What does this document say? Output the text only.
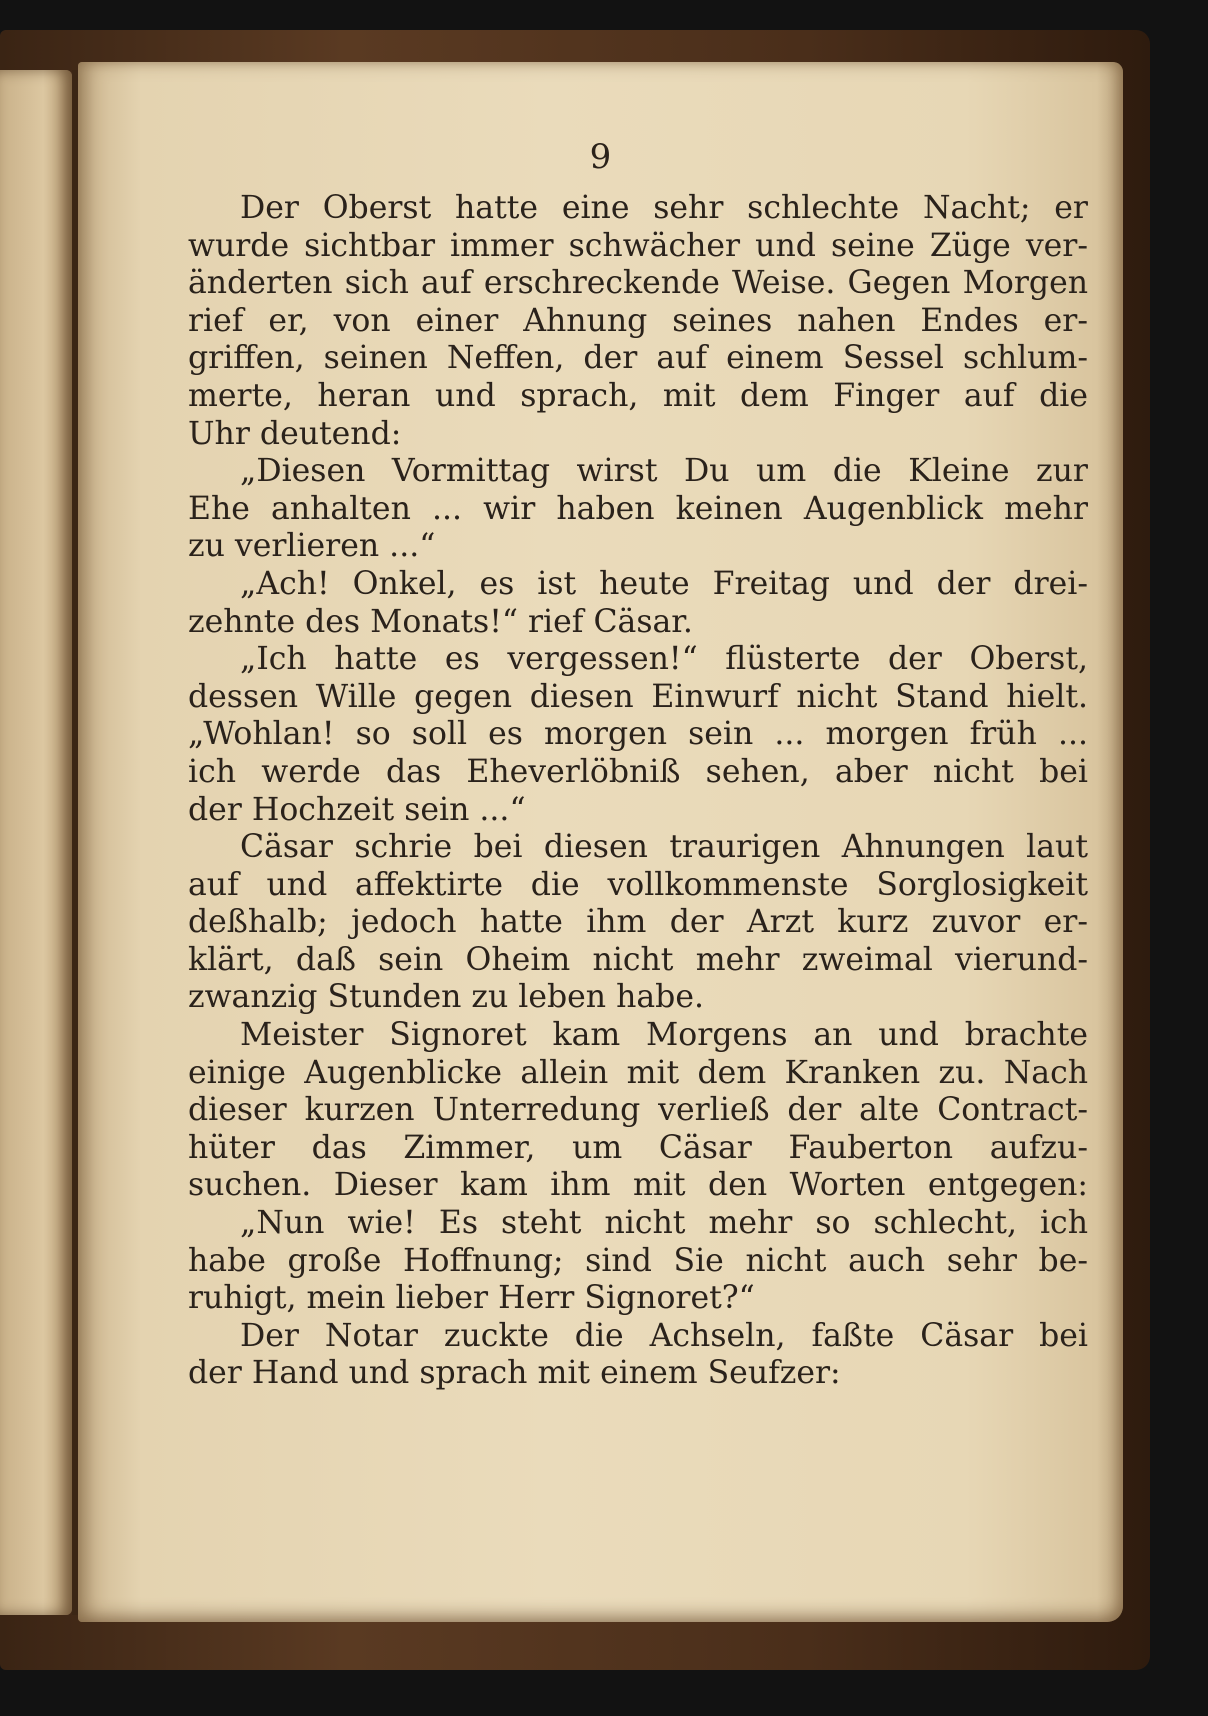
9
Der Oberst hatte eine sehr schlechte Nacht; er
wurde sichtbar immer schwächer und seine Züge ver-
änderten sich auf erschreckende Weise. Gegen Morgen
rief er, von einer Ahnung seines nahen Endes er-
griffen, seinen Neffen, der auf einem Sessel schlum-
merte, heran und sprach, mit dem Finger auf die
Uhr deutend:
„Diesen Vormittag wirst Du um die Kleine zur
Ehe anhalten ... wir haben keinen Augenblick mehr
zu verlieren ...“
„Ach! Onkel, es ist heute Freitag und der drei-
zehnte des Monats!“ rief Cäsar.
„Ich hatte es vergessen!“ flüsterte der Oberst,
dessen Wille gegen diesen Einwurf nicht Stand hielt.
„Wohlan! so soll es morgen sein ... morgen früh ...
ich werde das Eheverlöbniß sehen, aber nicht bei
der Hochzeit sein ...“
Cäsar schrie bei diesen traurigen Ahnungen laut
auf und affektirte die vollkommenste Sorglosigkeit
deßhalb; jedoch hatte ihm der Arzt kurz zuvor er-
klärt, daß sein Oheim nicht mehr zweimal vierund-
zwanzig Stunden zu leben habe.
Meister Signoret kam Morgens an und brachte
einige Augenblicke allein mit dem Kranken zu. Nach
dieser kurzen Unterredung verließ der alte Contract-
hüter das Zimmer, um Cäsar Fauberton aufzu-
suchen. Dieser kam ihm mit den Worten entgegen:
„Nun wie! Es steht nicht mehr so schlecht, ich
habe große Hoffnung; sind Sie nicht auch sehr be-
ruhigt, mein lieber Herr Signoret?“
Der Notar zuckte die Achseln, faßte Cäsar bei
der Hand und sprach mit einem Seufzer:
